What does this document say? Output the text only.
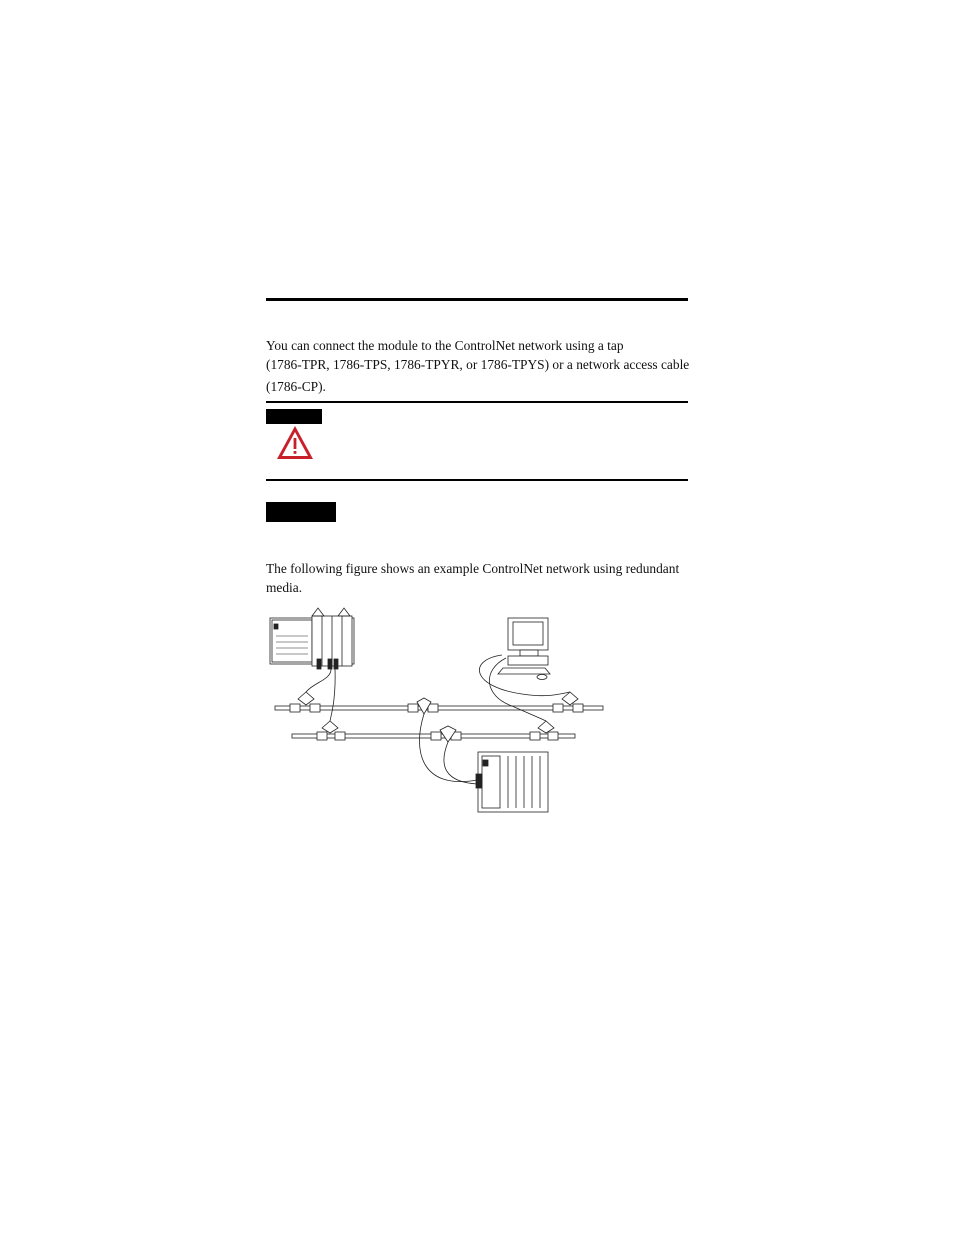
You can connect the module to the ControlNet network using a tap
(1786-TPR, 1786-TPS, 1786-TPYR, or 1786-TPYS) or a network access cable
(1786-CP).

The following figure shows an example ControlNet network using redundant
media.
